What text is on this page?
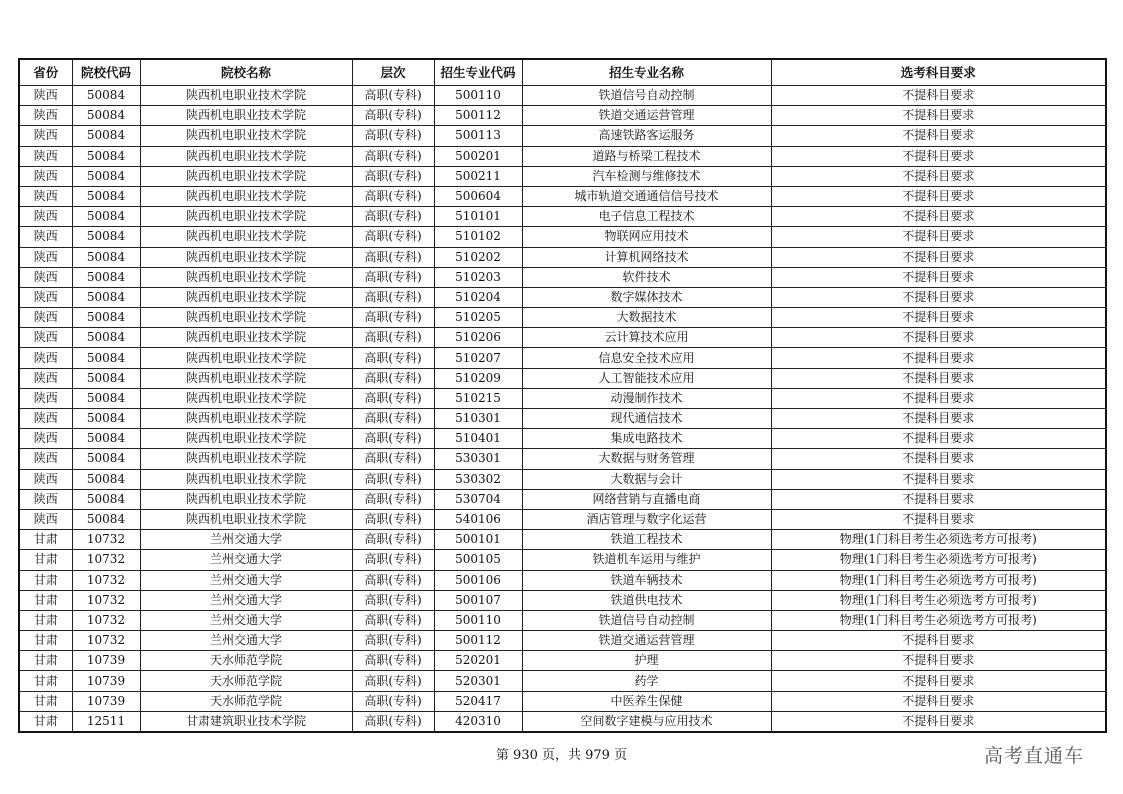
省份	院校代码	院校名称	层次	招生专业代码	招生专业名称	选考科目要求
陕西	50084	陕西机电职业技术学院	高职(专科)	500110	铁道信号自动控制	不提科目要求
陕西	50084	陕西机电职业技术学院	高职(专科)	500112	铁道交通运营管理	不提科目要求
陕西	50084	陕西机电职业技术学院	高职(专科)	500113	高速铁路客运服务	不提科目要求
陕西	50084	陕西机电职业技术学院	高职(专科)	500201	道路与桥梁工程技术	不提科目要求
陕西	50084	陕西机电职业技术学院	高职(专科)	500211	汽车检测与维修技术	不提科目要求
陕西	50084	陕西机电职业技术学院	高职(专科)	500604	城市轨道交通通信信号技术	不提科目要求
陕西	50084	陕西机电职业技术学院	高职(专科)	510101	电子信息工程技术	不提科目要求
陕西	50084	陕西机电职业技术学院	高职(专科)	510102	物联网应用技术	不提科目要求
陕西	50084	陕西机电职业技术学院	高职(专科)	510202	计算机网络技术	不提科目要求
陕西	50084	陕西机电职业技术学院	高职(专科)	510203	软件技术	不提科目要求
陕西	50084	陕西机电职业技术学院	高职(专科)	510204	数字媒体技术	不提科目要求
陕西	50084	陕西机电职业技术学院	高职(专科)	510205	大数据技术	不提科目要求
陕西	50084	陕西机电职业技术学院	高职(专科)	510206	云计算技术应用	不提科目要求
陕西	50084	陕西机电职业技术学院	高职(专科)	510207	信息安全技术应用	不提科目要求
陕西	50084	陕西机电职业技术学院	高职(专科)	510209	人工智能技术应用	不提科目要求
陕西	50084	陕西机电职业技术学院	高职(专科)	510215	动漫制作技术	不提科目要求
陕西	50084	陕西机电职业技术学院	高职(专科)	510301	现代通信技术	不提科目要求
陕西	50084	陕西机电职业技术学院	高职(专科)	510401	集成电路技术	不提科目要求
陕西	50084	陕西机电职业技术学院	高职(专科)	530301	大数据与财务管理	不提科目要求
陕西	50084	陕西机电职业技术学院	高职(专科)	530302	大数据与会计	不提科目要求
陕西	50084	陕西机电职业技术学院	高职(专科)	530704	网络营销与直播电商	不提科目要求
陕西	50084	陕西机电职业技术学院	高职(专科)	540106	酒店管理与数字化运营	不提科目要求
甘肃	10732	兰州交通大学	高职(专科)	500101	铁道工程技术	物理(1门科目考生必须选考方可报考)
甘肃	10732	兰州交通大学	高职(专科)	500105	铁道机车运用与维护	物理(1门科目考生必须选考方可报考)
甘肃	10732	兰州交通大学	高职(专科)	500106	铁道车辆技术	物理(1门科目考生必须选考方可报考)
甘肃	10732	兰州交通大学	高职(专科)	500107	铁道供电技术	物理(1门科目考生必须选考方可报考)
甘肃	10732	兰州交通大学	高职(专科)	500110	铁道信号自动控制	物理(1门科目考生必须选考方可报考)
甘肃	10732	兰州交通大学	高职(专科)	500112	铁道交通运营管理	不提科目要求
甘肃	10739	天水师范学院	高职(专科)	520201	护理	不提科目要求
甘肃	10739	天水师范学院	高职(专科)	520301	药学	不提科目要求
甘肃	10739	天水师范学院	高职(专科)	520417	中医养生保健	不提科目要求
甘肃	12511	甘肃建筑职业技术学院	高职(专科)	420310	空间数字建模与应用技术	不提科目要求
第 930 页，共 979 页	高考直通车
